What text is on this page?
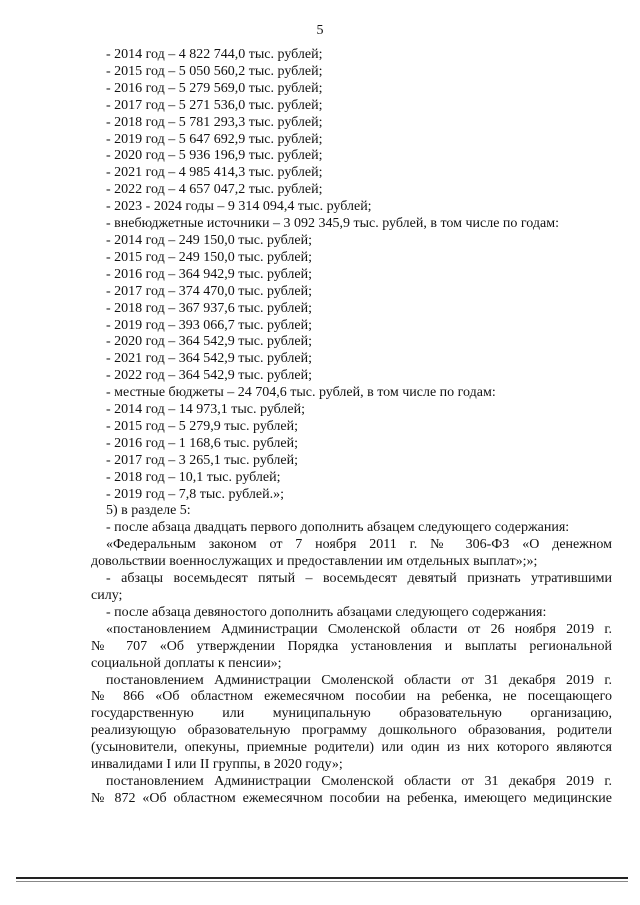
5
- 2014 год – 4 822 744,0 тыс. рублей;
- 2015 год – 5 050 560,2 тыс. рублей;
- 2016 год – 5 279 569,0 тыс. рублей;
- 2017 год – 5 271 536,0 тыс. рублей;
- 2018 год – 5 781 293,3 тыс. рублей;
- 2019 год – 5 647 692,9 тыс. рублей;
- 2020 год – 5 936 196,9 тыс. рублей;
- 2021 год – 4 985 414,3 тыс. рублей;
- 2022 год – 4 657 047,2 тыс. рублей;
- 2023 - 2024 годы – 9 314 094,4 тыс. рублей;
- внебюджетные источники – 3 092 345,9 тыс. рублей, в том числе по годам:
- 2014 год – 249 150,0 тыс. рублей;
- 2015 год – 249 150,0 тыс. рублей;
- 2016 год – 364 942,9 тыс. рублей;
- 2017 год – 374 470,0 тыс. рублей;
- 2018 год – 367 937,6 тыс. рублей;
- 2019 год – 393 066,7 тыс. рублей;
- 2020 год – 364 542,9 тыс. рублей;
- 2021 год – 364 542,9 тыс. рублей;
- 2022 год – 364 542,9 тыс. рублей;
- местные бюджеты – 24 704,6 тыс. рублей, в том числе по годам:
- 2014 год – 14 973,1 тыс. рублей;
- 2015 год – 5 279,9 тыс. рублей;
- 2016 год – 1 168,6 тыс. рублей;
- 2017 год – 3 265,1 тыс. рублей;
- 2018 год – 10,1 тыс. рублей;
- 2019 год – 7,8 тыс. рублей.»;
5) в разделе 5:
- после абзаца двадцать первого дополнить абзацем следующего содержания:
«Федеральным законом от 7 ноября 2011 г. № 306-ФЗ «О денежном
довольствии военнослужащих и предоставлении им отдельных выплат»;»;
- абзацы восемьдесят пятый – восемьдесят девятый признать утратившими
силу;
- после абзаца девяностого дополнить абзацами следующего содержания:
«постановлением Администрации Смоленской области от 26 ноября 2019 г.
№ 707 «Об утверждении Порядка установления и выплаты региональной
социальной доплаты к пенсии»;
постановлением Администрации Смоленской области от 31 декабря 2019 г.
№ 866 «Об областном ежемесячном пособии на ребенка, не посещающего
государственную или муниципальную образовательную организацию,
реализующую образовательную программу дошкольного образования, родители
(усыновители, опекуны, приемные родители) или один из них которого являются
инвалидами I или II группы, в 2020 году»;
постановлением Администрации Смоленской области от 31 декабря 2019 г.
№ 872 «Об областном ежемесячном пособии на ребенка, имеющего медицинские
